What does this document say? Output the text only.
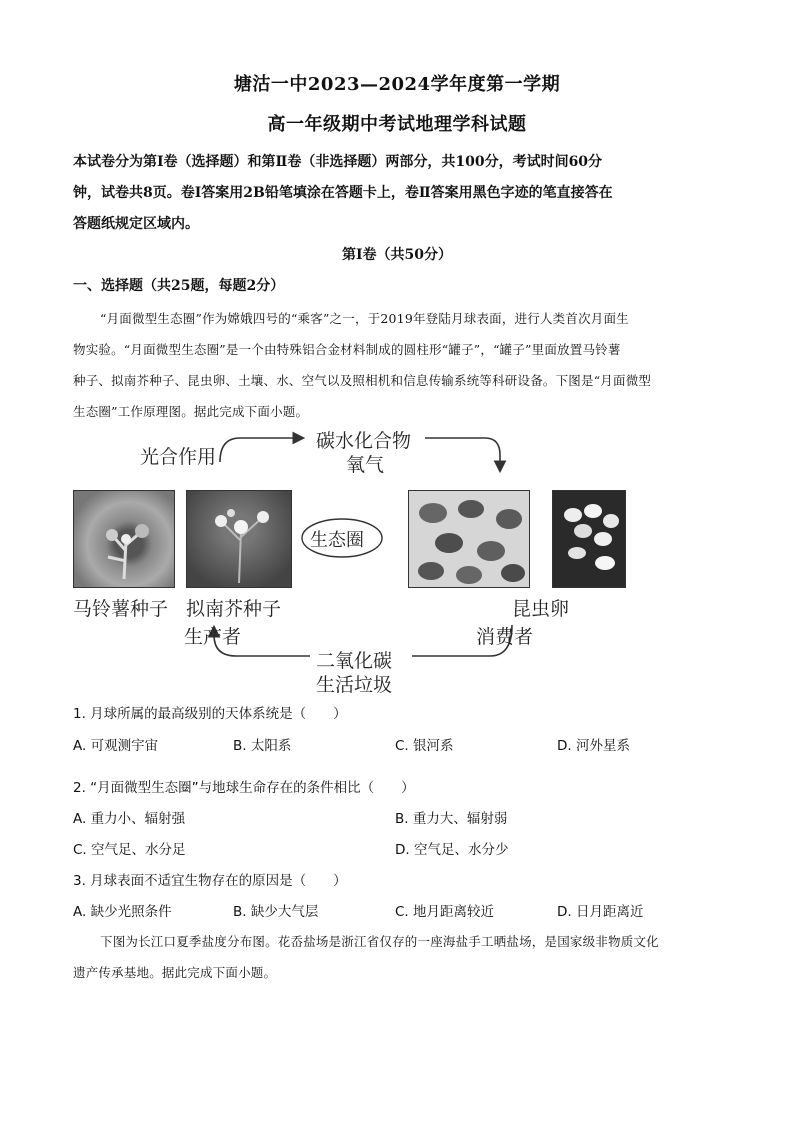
塘沽一中2023—2024学年度第一学期
高一年级期中考试地理学科试题
本试卷分为第Ⅰ卷（选择题）和第Ⅱ卷（非选择题）两部分，共100分，考试时间60分
钟，试卷共8页。卷Ⅰ答案用2B铅笔填涂在答题卡上，卷Ⅱ答案用黑色字迹的笔直接答在
答题纸规定区域内。
第Ⅰ卷（共50分）
一、选择题（共25题，每题2分）
“月面微型生态圈”作为嫦娥四号的“乘客”之一，于2019年登陆月球表面，进行人类首次月面生
物实验。“月面微型生态圈”是一个由特殊铝合金材料制成的圆柱形“罐子”，“罐子”里面放置马铃薯
种子、拟南芥种子、昆虫卵、土壤、水、空气以及照相机和信息传输系统等科研设备。下图是“月面微型
生态圈”工作原理图。据此完成下面小题。
光合作用
碳水化合物
氧气
生态圈
马铃薯种子 拟南芥种子	昆虫卵
生产者	消费者
二氧化碳
生活垃圾
1. 月球所属的最高级别的天体系统是（　　）
A. 可观测宇宙	B. 太阳系	C. 银河系	D. 河外星系
2. “月面微型生态圈”与地球生命存在的条件相比（　　）
A. 重力小、辐射强	B. 重力大、辐射弱
C. 空气足、水分足	D. 空气足、水分少
3. 月球表面不适宜生物存在的原因是（　　）
A. 缺少光照条件	B. 缺少大气层	C. 地月距离较近	D. 日月距离近
下图为长江口夏季盐度分布图。花岙盐场是浙江省仅存的一座海盐手工晒盐场，是国家级非物质文化
遗产传承基地。据此完成下面小题。
